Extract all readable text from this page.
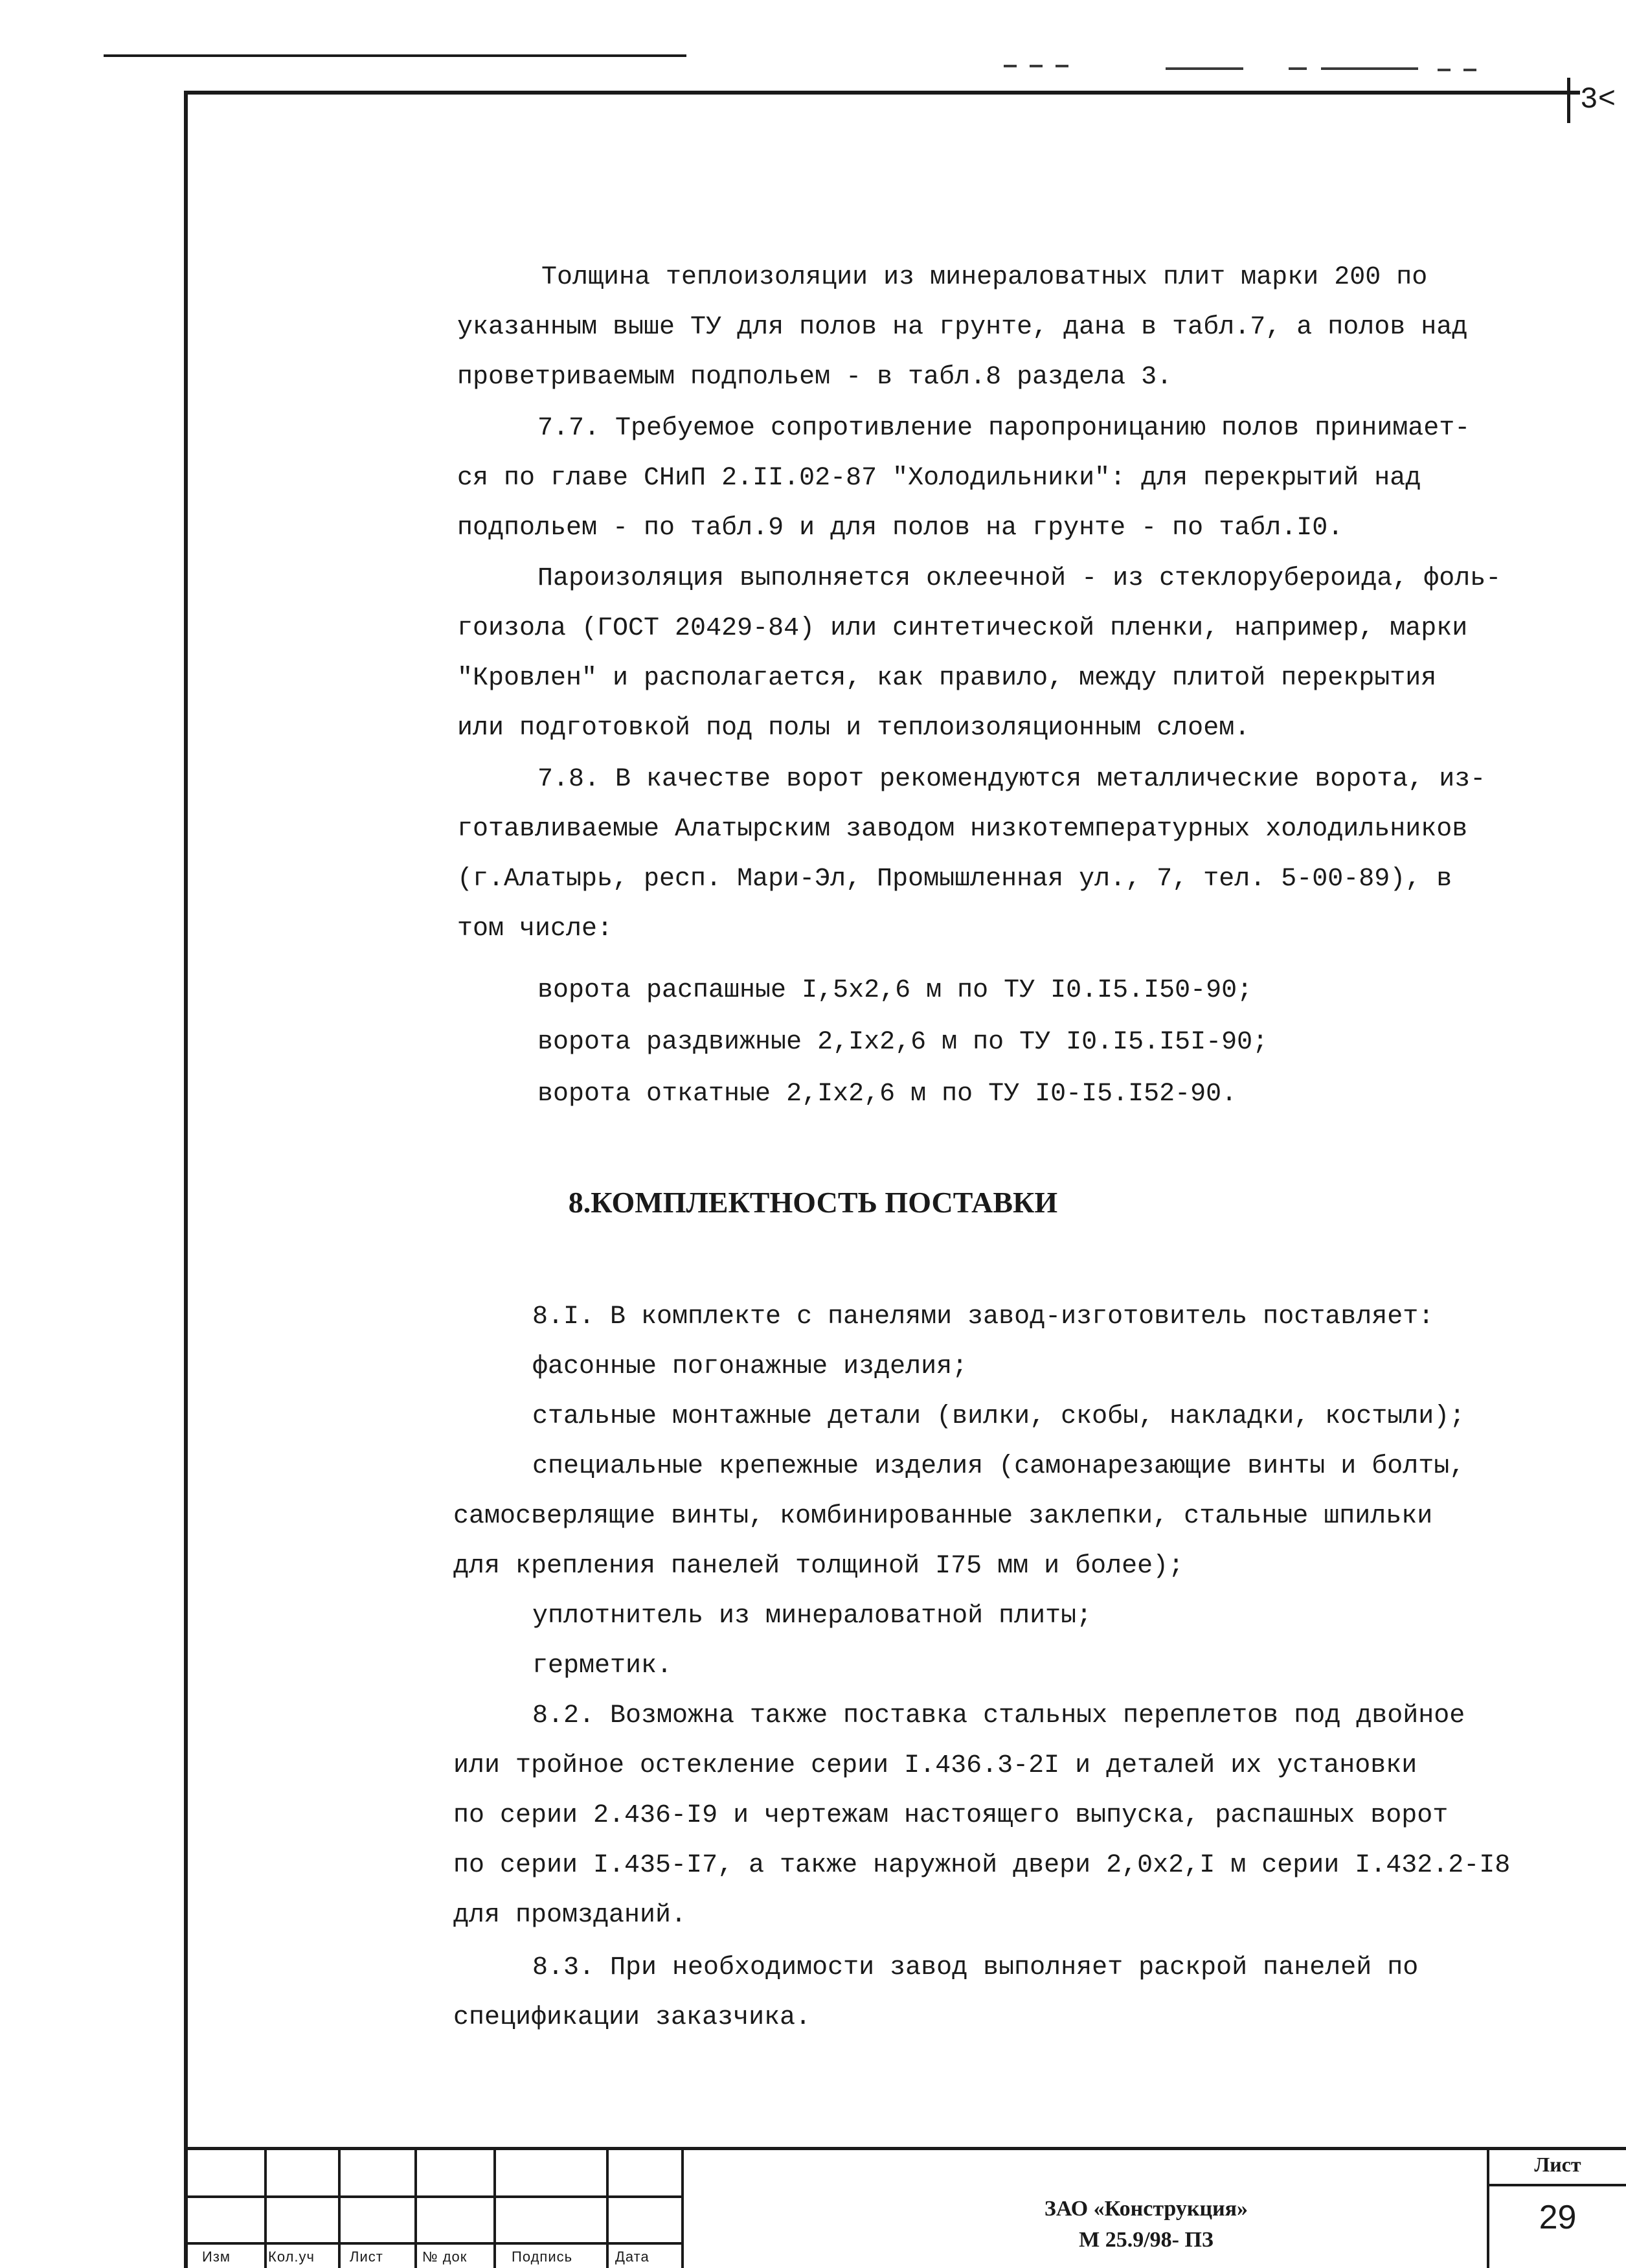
3<
Толщина теплоизоляции из минераловатных плит марки 200 по
указанным выше ТУ для полов на грунте, дана в табл.7, а полов над
проветриваемым подпольем - в табл.8 раздела 3.
7.7. Требуемое сопротивление паропроницанию полов принимает-
ся по главе СНиП 2.II.02-87 "Холодильники": для перекрытий над
подпольем - по табл.9 и для полов на грунте - по табл.I0.
Пароизоляция выполняется оклеечной - из стеклорубероида, фоль-
гоизола (ГОСТ 20429-84) или синтетической пленки, например, марки
"Кровлен" и располагается, как правило, между плитой перекрытия
или подготовкой под полы и теплоизоляционным слоем.
7.8. В качестве ворот рекомендуются металлические ворота, из-
готавливаемые Алатырским заводом низкотемпературных холодильников
(г.Алатырь, респ. Мари-Эл, Промышленная ул., 7, тел. 5-00-89), в
том числе:
ворота распашные I,5x2,6 м по ТУ I0.I5.I50-90;
ворота раздвижные 2,Ix2,6 м по ТУ I0.I5.I5I-90;
ворота откатные 2,Ix2,6 м по ТУ I0-I5.I52-90.
8.КОМПЛЕКТНОСТЬ ПОСТАВКИ
8.I. В комплекте с панелями завод-изготовитель поставляет:
фасонные погонажные изделия;
стальные монтажные детали (вилки, скобы, накладки, костыли);
специальные крепежные изделия (самонарезающие винты и болты,
самосверлящие винты, комбинированные заклепки, стальные шпильки
для крепления панелей толщиной I75 мм и более);
уплотнитель из минераловатной плиты;
герметик.
8.2. Возможна также поставка стальных переплетов под двойное
или тройное остекление серии I.436.3-2I и деталей их установки
по серии 2.436-I9 и чертежам настоящего выпуска, распашных ворот
по серии I.435-I7, а также наружной двери 2,0x2,I м серии I.432.2-I8
для промзданий.
8.3. При необходимости завод выполняет раскрой панелей по
спецификации заказчика.
Изм	Кол.уч Лист	№ док	Подпись	Дата
ЗАО «Конструкция»
М 25.9/98- ПЗ
Лист
29
